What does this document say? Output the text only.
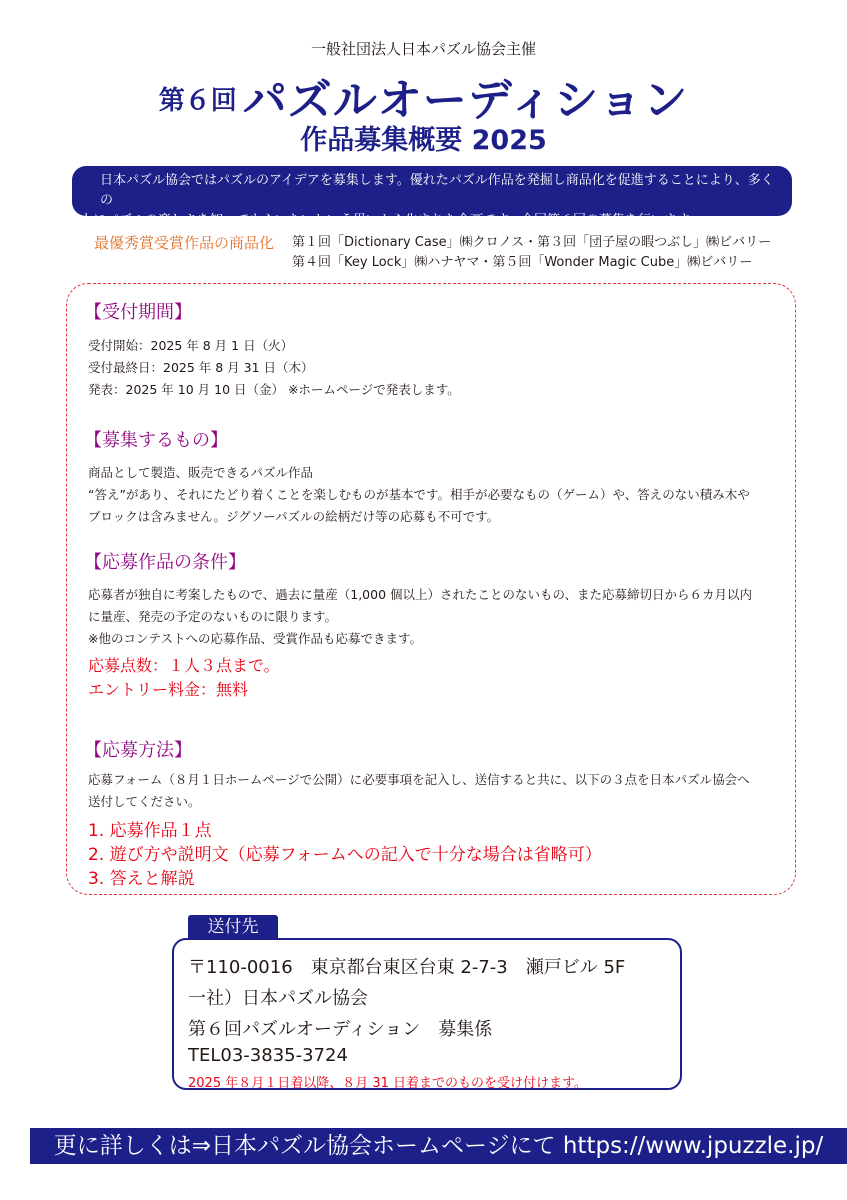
一般社団法人日本パズル協会主催
第６回 パズルオーディション
作品募集概要 2025
日本パズル協会ではパズルのアイデアを募集します。優れたパズル作品を発掘し商品化を促進することにより、多くの
人にパズルの楽しさを知ってもらいたいという思いから生まれた企画です。今回第６回の募集を行います。
最優秀賞受賞作品の商品化 第１回「Dictionary Case」㈱クロノス・第３回「団子屋の暇つぶし」㈱ビバリー
第４回「Key Lock」㈱ハナヤマ・第５回「Wonder Magic Cube」㈱ビバリー
【受付期間】
受付開始：2025 年 8 月 1 日（火）
受付最終日：2025 年 8 月 31 日（木）
発表：2025 年 10 月 10 日（金） ※ホームページで発表します。
【募集するもの】
商品として製造、販売できるパズル作品
“答え”があり、それにたどり着くことを楽しむものが基本です。相手が必要なもの（ゲーム）や、答えのない積み木や
ブロックは含みません。ジグソーパズルの絵柄だけ等の応募も不可です。
【応募作品の条件】
応募者が独自に考案したもので、過去に量産（1,000 個以上）されたことのないもの、また応募締切日から６カ月以内
に量産、発売の予定のないものに限ります。
※他のコンテストへの応募作品、受賞作品も応募できます。
応募点数：１人３点まで。
エントリー料金：無料
【応募方法】
応募フォーム（８月１日ホームページで公開）に必要事項を記入し、送信すると共に、以下の３点を日本パズル協会へ
送付してください。
1. 応募作品１点
2. 遊び方や説明文（応募フォームへの記入で十分な場合は省略可）
3. 答えと解説
送付先
〒110-0016　東京都台東区台東 2-7-3　瀬戸ビル 5F
一社）日本パズル協会
第６回パズルオーディション　募集係
TEL03-3835-3724
2025 年８月１日着以降、８月 31 日着までのものを受け付けます。
更に詳しくは⇒日本パズル協会ホームページにて https://www.jpuzzle.jp/
